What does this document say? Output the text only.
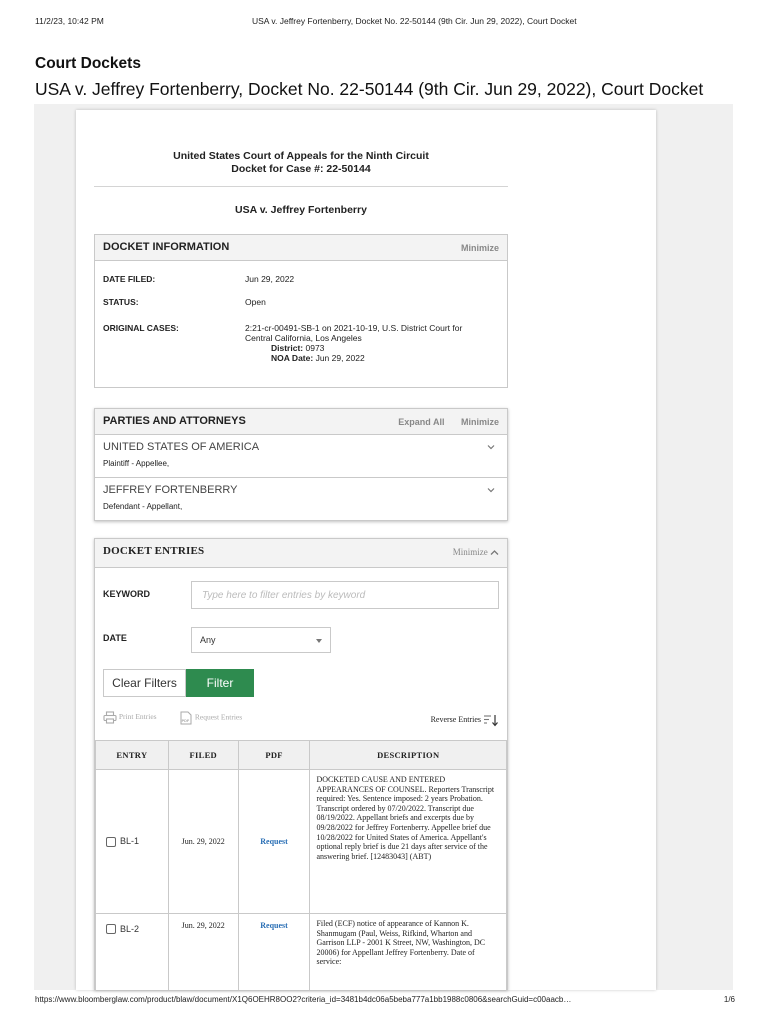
11/2/23, 10:42 PM	USA v. Jeffrey Fortenberry, Docket No. 22-50144 (9th Cir. Jun 29, 2022), Court Docket
Court Dockets
USA v. Jeffrey Fortenberry, Docket No. 22-50144 (9th Cir. Jun 29, 2022), Court Docket
United States Court of Appeals for the Ninth Circuit
Docket for Case #: 22-50144
USA v. Jeffrey Fortenberry
DOCKET INFORMATION	Minimize
DATE FILED:	Jun 29, 2022
STATUS:	Open
ORIGINAL CASES:	2:21-cr-00491-SB-1 on 2021-10-19, U.S. District Court for
Central California, Los Angeles
District: 0973
NOA Date: Jun 29, 2022
PARTIES AND ATTORNEYS	Expand All Minimize
UNITED STATES OF AMERICA
Plaintiff - Appellee,
JEFFREY FORTENBERRY
Defendant - Appellant,
DOCKET ENTRIES	Minimize
KEYWORD
Type here to filter entries by keyword
DATE	Any
Clear Filters	Filter
Print Entries	PDF Request Entries	Reverse Entries
ENTRY	FILED	PDF	DESCRIPTION
BL-1	Jun. 29, 2022	Request	DOCKETED CAUSE AND ENTERED APPEARANCES OF COUNSEL. Reporters Transcript required: Yes. Sentence imposed: 2 years Probation. Transcript ordered by 07/20/2022. Transcript due 08/19/2022. Appellant briefs and excerpts due by 09/28/2022 for Jeffrey Fortenberry. Appellee brief due 10/28/2022 for United States of America. Appellant's optional reply brief is due 21 days after service of the answering brief. [12483043] (ABT)
BL-2	Jun. 29, 2022	Request	Filed (ECF) notice of appearance of Kannon K. Shanmugam (Paul, Weiss, Rifkind, Wharton and Garrison LLP - 2001 K Street, NW, Washington, DC 20006) for Appellant Jeffrey Fortenberry. Date of service:
https://www.bloomberglaw.com/product/blaw/document/X1Q6OEHR8OO2?criteria_id=3481b4dc06a5beba777a1bb1988c0806&searchGuid=c00aacb…	1/6
